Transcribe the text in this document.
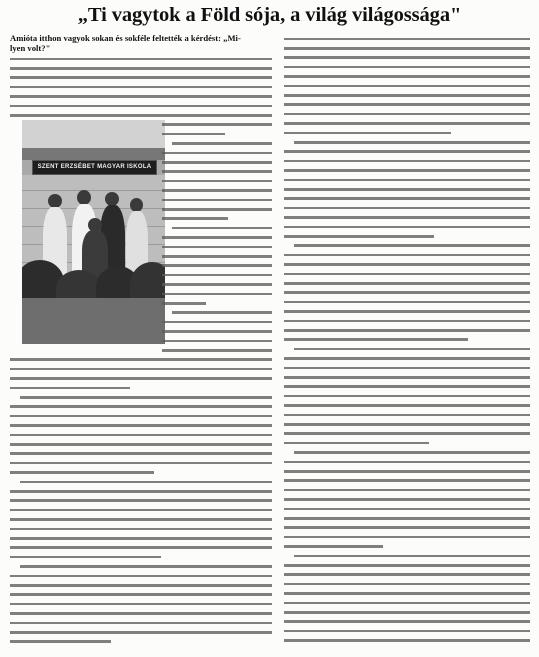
„Ti vagytok a Föld sója, a világ világossága"
Amióta itthon vagyok sokan és sokféle feltették a kérdést: „Mi-
lyen volt?"
SZENT ERZSÉBET MAGYAR ISKOLA
